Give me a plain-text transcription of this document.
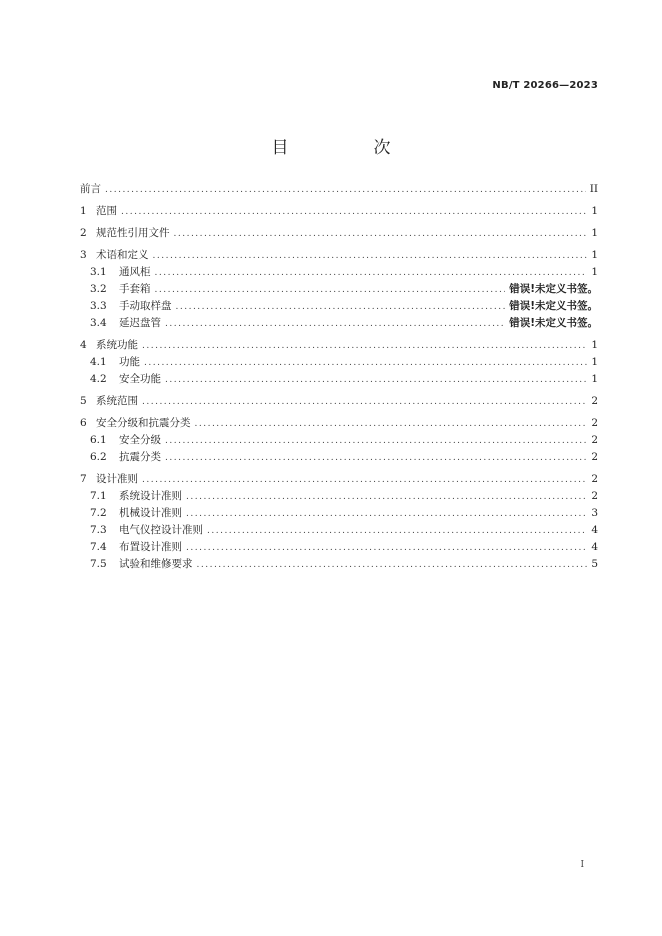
NB/T 20266—2023
目　次
前言 .....	II
1 范围 .....	1
2 规范性引用文件 .....	1
3 术语和定义 .....	1
3.1	通风柜 .....	1
3.2	手套箱 .....	错误!未定义书签。
3.3	手动取样盘 .....	错误!未定义书签。
3.4	延迟盘管 .....	错误!未定义书签。
4 系统功能 .....	1
4.1	功能 .....	1
4.2	安全功能 .....	1
5 系统范围 .....	2
6 安全分级和抗震分类 .....	2
6.1	安全分级 .....	2
6.2	抗震分类 .....	2
7 设计准则 .....	2
7.1	系统设计准则 .....	2
7.2	机械设计准则 .....	3
7.3	电气仪控设计准则 .....	4
7.4	布置设计准则 .....	4
7.5	试验和维修要求 .....	5
I
